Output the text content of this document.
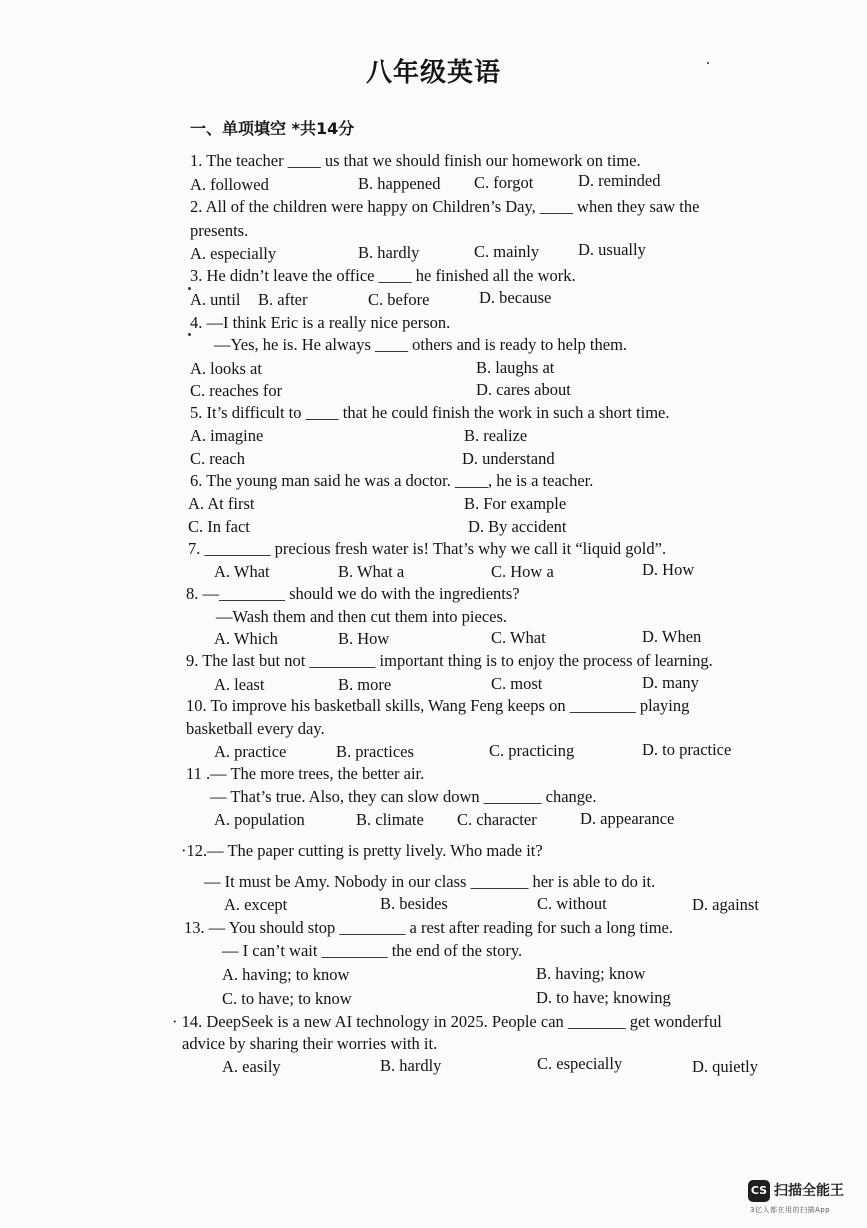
八年级英语
一、单项填空 *共14分
1. The teacher ____ us that we should finish our homework on time.
A. followed	B. happened C. forgot	D. reminded
2. All of the children were happy on Children’s Day, ____ when they saw the
presents.
A. especially	B. hardly	C. mainly D. usually
3. He didn’t leave the office ____ he finished all the work.
A. until B. after	C. before	D. because
4. —I think Eric is a really nice person.
—Yes, he is. He always ____ others and is ready to help them.
A. looks at	B. laughs at
C. reaches for	D. cares about
5. It’s difficult to ____ that he could finish the work in such a short time.
A. imagine	B. realize
C. reach	D. understand
6. The young man said he was a doctor. ____, he is a teacher.
A. At first	B. For example
C. In fact	D. By accident
7. ________ precious fresh water is! That’s why we call it “liquid gold”.
A. What	B. What a	C. How a	D. How
8. —________ should we do with the ingredients?
—Wash them and then cut them into pieces.
A. Which	B. How	C. What	D. When
9. The last but not ________ important thing is to enjoy the process of learning.
A. least	B. more	C. most	D. many
10. To improve his basketball skills, Wang Feng keeps on ________ playing
basketball every day.
A. practice	B. practices	C. practicing	D. to practice
11 .— The more trees, the better air.
— That’s true. Also, they can slow down _______ change.
A. population	B. climate C. character	D. appearance
·12.— The paper cutting is pretty lively. Who made it?
— It must be Amy. Nobody in our class _______ her is able to do it.
A. except	B. besides	C. without	D. against
13. — You should stop ________ a rest after reading for such a long time.
— I can’t wait ________ the end of the story.
A. having; to know	B. having; know
C. to have; to know	D. to have; knowing
· 14. DeepSeek is a new AI technology in 2025. People can _______ get wonderful
advice by sharing their worries with it.
A. easily	B. hardly	C. especially	D. quietly
CS 扫描全能王
3亿人都在用的扫描App
